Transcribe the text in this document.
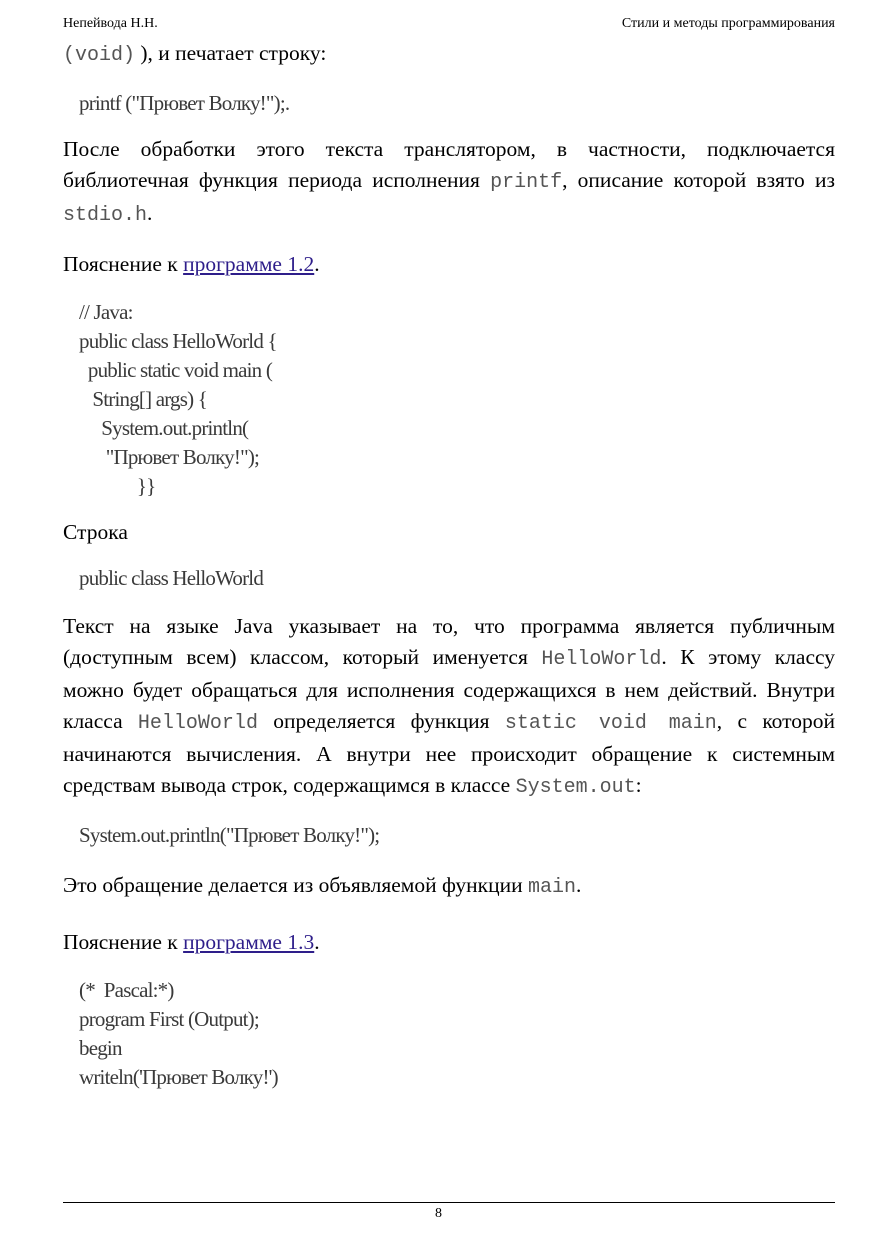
Непейвода Н.Н.	Стили и методы программирования

(void) ), и печатает строку:

printf ("Прювет Волку!");.

После обработки этого текста транслятором, в частности, подключается библиотечная функция периода исполнения printf, описание которой взято из stdio.h.

Пояснение к программе 1.2.

// Java:
public class HelloWorld {
public static void main (
String[] args) {
System.out.println(
"Прювет Волку!");
}}

Строка

public class HelloWorld

Текст на языке Java указывает на то, что программа является публичным (доступным всем) классом, который именуется HelloWorld. К этому классу можно будет обращаться для исполнения содержащихся в нем действий. Внутри класса HelloWorld определяется функция static void main, с которой начинаются вычисления. А внутри нее происходит обращение к системным средствам вывода строк, содержащимся в классе System.out:

System.out.println("Прювет Волку!");

Это обращение делается из объявляемой функции main.

Пояснение к программе 1.3.

(*  Pascal:*)
program First (Output);
begin
writeln('Прювет Волку!')
8
